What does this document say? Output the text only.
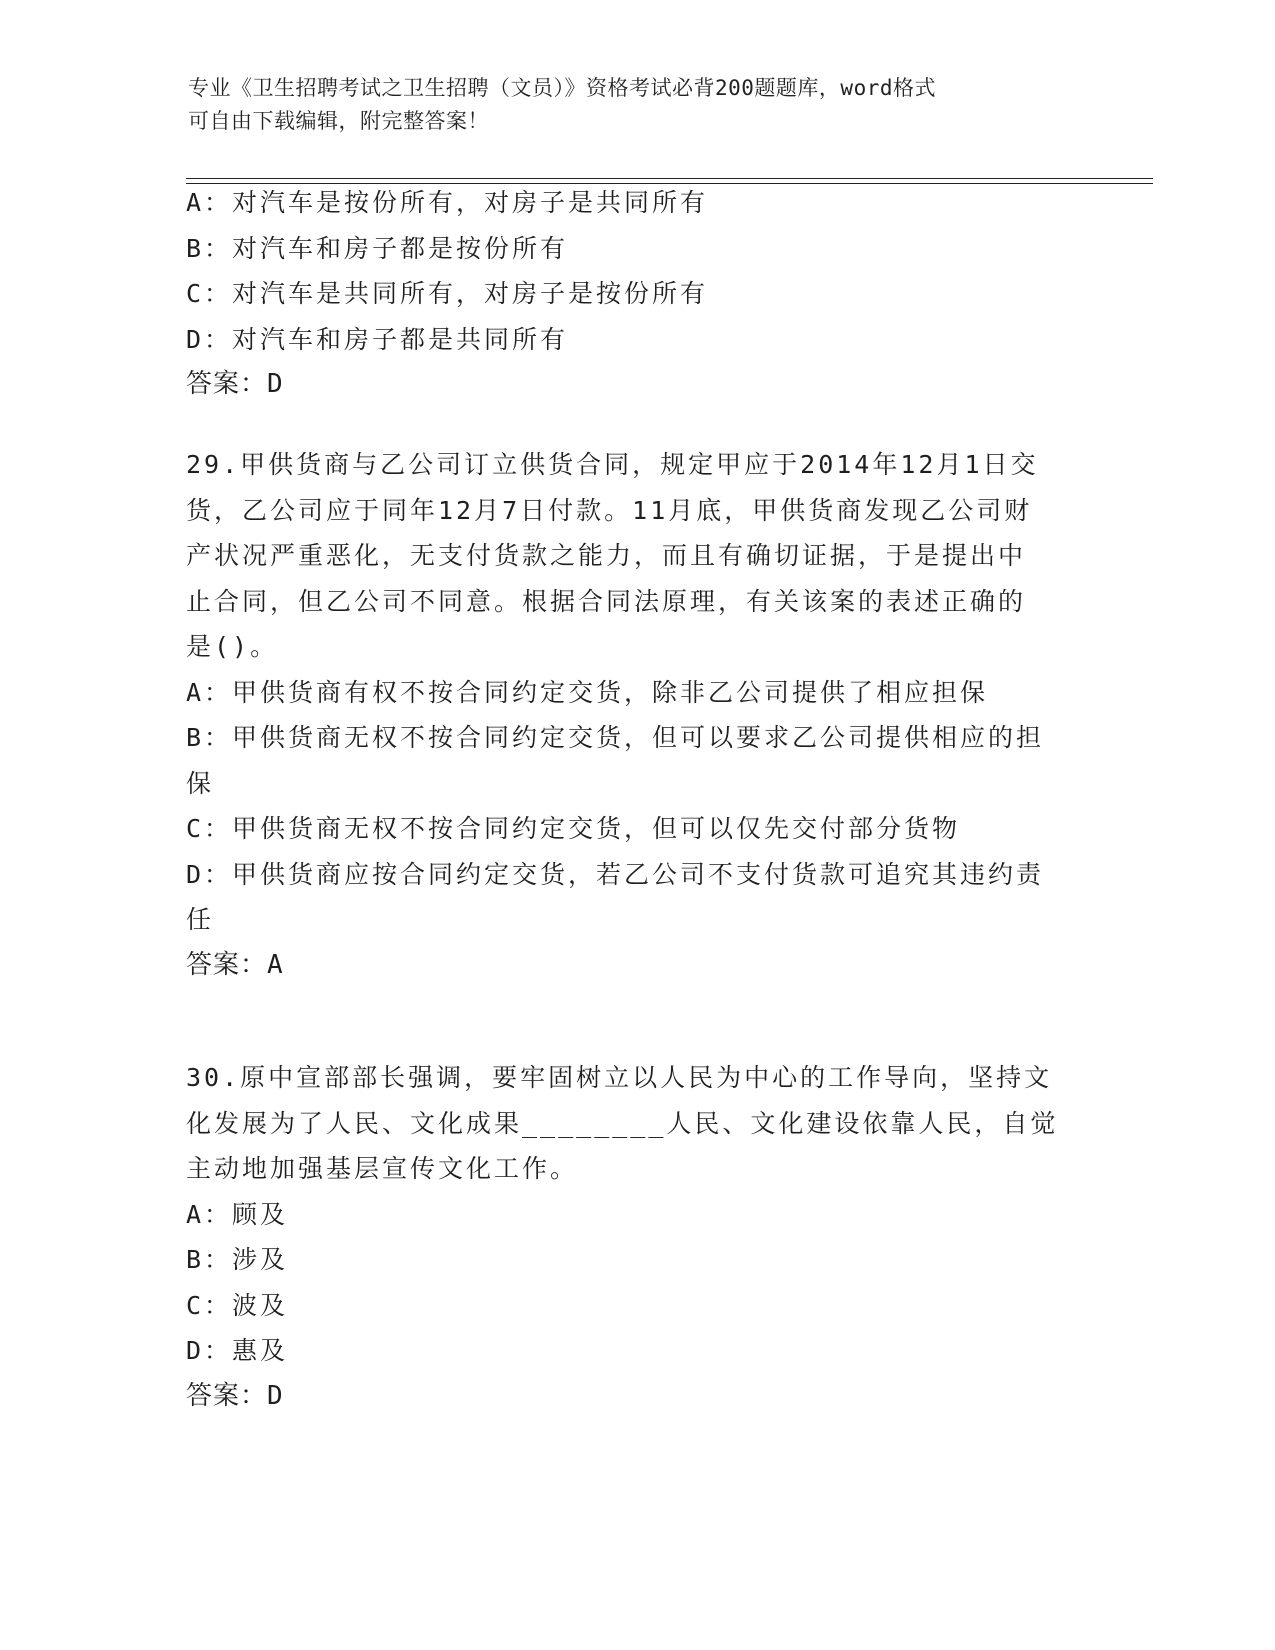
专业《卫生招聘考试之卫生招聘（文员）》资格考试必背200题题库，word格式
可自由下载编辑，附完整答案！
A：对汽车是按份所有，对房子是共同所有
B：对汽车和房子都是按份所有
C：对汽车是共同所有，对房子是按份所有
D：对汽车和房子都是共同所有
答案：D
29.甲供货商与乙公司订立供货合同，规定甲应于2014年12月1日交
货，乙公司应于同年12月7日付款。11月底，甲供货商发现乙公司财
产状况严重恶化，无支付货款之能力，而且有确切证据，于是提出中
止合同，但乙公司不同意。根据合同法原理，有关该案的表述正确的
是()。
A：甲供货商有权不按合同约定交货，除非乙公司提供了相应担保
B：甲供货商无权不按合同约定交货，但可以要求乙公司提供相应的担
保
C：甲供货商无权不按合同约定交货，但可以仅先交付部分货物
D：甲供货商应按合同约定交货，若乙公司不支付货款可追究其违约责
任
答案：A
30.原中宣部部长强调，要牢固树立以人民为中心的工作导向，坚持文
化发展为了人民、文化成果________人民、文化建设依靠人民，自觉
主动地加强基层宣传文化工作。
A：顾及
B：涉及
C：波及
D：惠及
答案：D
